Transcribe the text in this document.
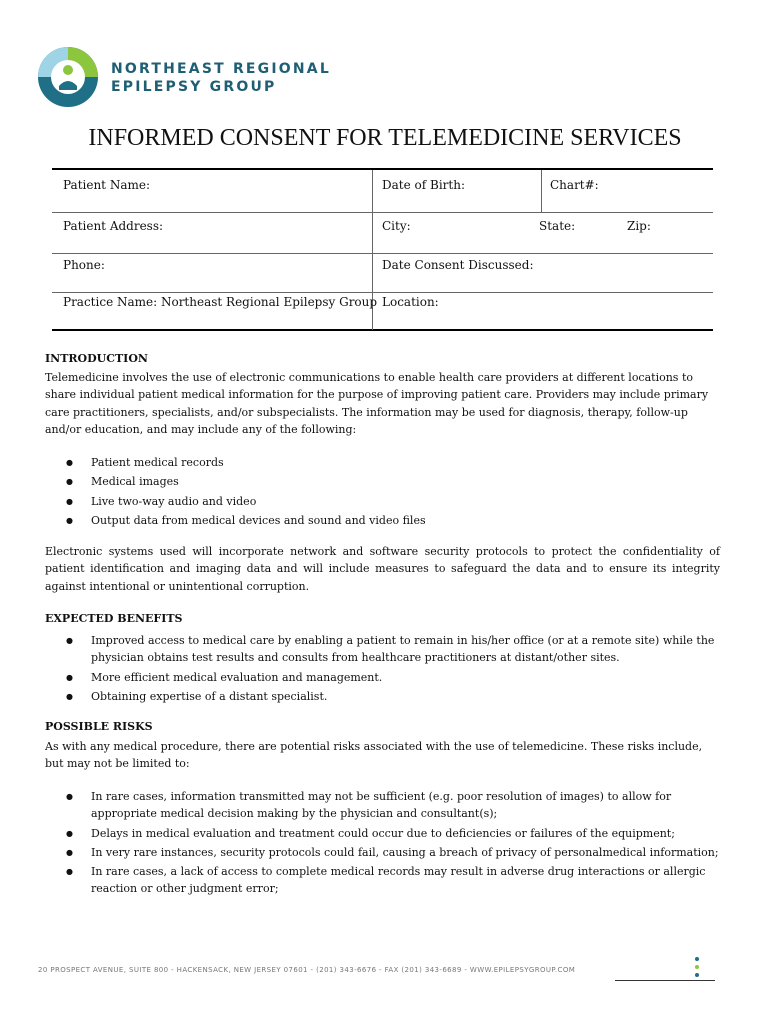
NORTHEAST REGIONAL
EPILEPSY GROUP
INFORMED CONSENT FOR TELEMEDICINE SERVICES
Patient Name:	Date of Birth:	Chart#:
Patient Address:	City:	State:	Zip:
Phone:	Date Consent Discussed:
Practice Name: Northeast Regional Epilepsy Group Location:
INTRODUCTION
Telemedicine involves the use of electronic communications to enable health care providers at different locations to share individual patient medical information for the purpose of improving patient care. Providers may include primary care practitioners, specialists, and/or subspecialists. The information may be used for diagnosis, therapy, follow-up and/or education, and may include any of the following:
● Patient medical records
● Medical images
● Live two-way audio and video
● Output data from medical devices and sound and video files
Electronic systems used will incorporate network and software security protocols to protect the confidentiality of patient identification and imaging data and will include measures to safeguard the data and to ensure its integrity against intentional or unintentional corruption.
EXPECTED BENEFITS
● Improved access to medical care by enabling a patient to remain in his/her office (or at a remote site) while the physician obtains test results and consults from healthcare practitioners at distant/other sites.
● More efficient medical evaluation and management.
● Obtaining expertise of a distant specialist.
POSSIBLE RISKS
As with any medical procedure, there are potential risks associated with the use of telemedicine. These risks include, but may not be limited to:
● In rare cases, information transmitted may not be sufficient (e.g. poor resolution of images) to allow for appropriate medical decision making by the physician and consultant(s);
● Delays in medical evaluation and treatment could occur due to deficiencies or failures of the equipment;
● In very rare instances, security protocols could fail, causing a breach of privacy of personalmedical information;
● In rare cases, a lack of access to complete medical records may result in adverse drug interactions or allergic reaction or other judgment error;
20 PROSPECT AVENUE, SUITE 800 - HACKENSACK, NEW JERSEY 07601 - (201) 343-6676 - FAX (201) 343-6689 - WWW.EPILEPSYGROUP.COM
